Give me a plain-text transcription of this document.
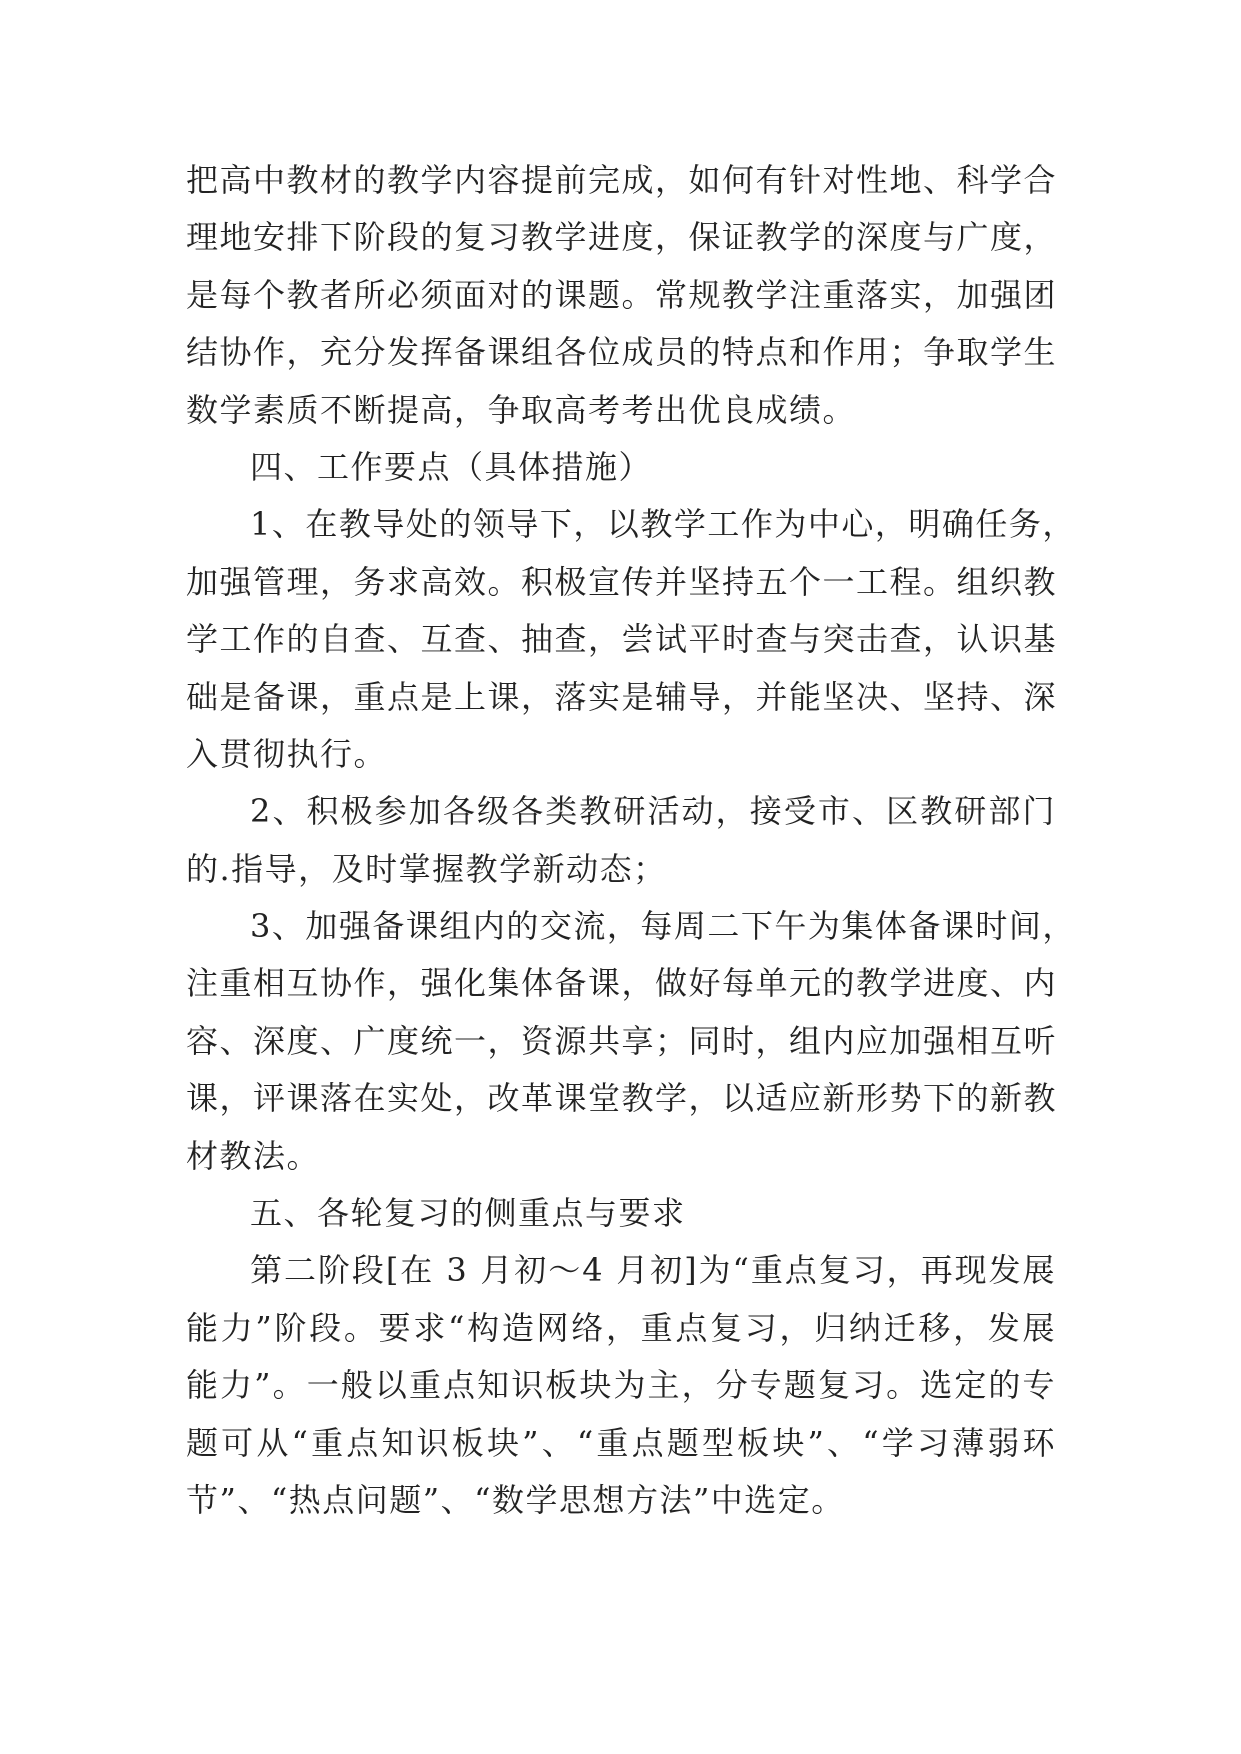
把高中教材的教学内容提前完成，如何有针对性地、科学合
理地安排下阶段的复习教学进度，保证教学的深度与广度，
是每个教者所必须面对的课题。常规教学注重落实，加强团
结协作，充分发挥备课组各位成员的特点和作用；争取学生
数学素质不断提高，争取高考考出优良成绩。
四、工作要点（具体措施）
1、在教导处的领导下，以教学工作为中心，明确任务，
加强管理，务求高效。积极宣传并坚持五个一工程。组织教
学工作的自查、互查、抽查，尝试平时查与突击查，认识基
础是备课，重点是上课，落实是辅导，并能坚决、坚持、深
入贯彻执行。
2、积极参加各级各类教研活动，接受市、区教研部门
的.指导，及时掌握教学新动态；
3、加强备课组内的交流，每周二下午为集体备课时间，
注重相互协作，强化集体备课，做好每单元的教学进度、内
容、深度、广度统一，资源共享；同时，组内应加强相互听
课，评课落在实处，改革课堂教学，以适应新形势下的新教
材教法。
五、各轮复习的侧重点与要求
第二阶段[在 3 月初～4 月初]为“重点复习，再现发展
能力”阶段。要求“构造网络，重点复习，归纳迁移，发展
能力”。一般以重点知识板块为主，分专题复习。选定的专
题可从“重点知识板块”、“重点题型板块”、“学习薄弱环
节”、“热点问题”、“数学思想方法”中选定。
